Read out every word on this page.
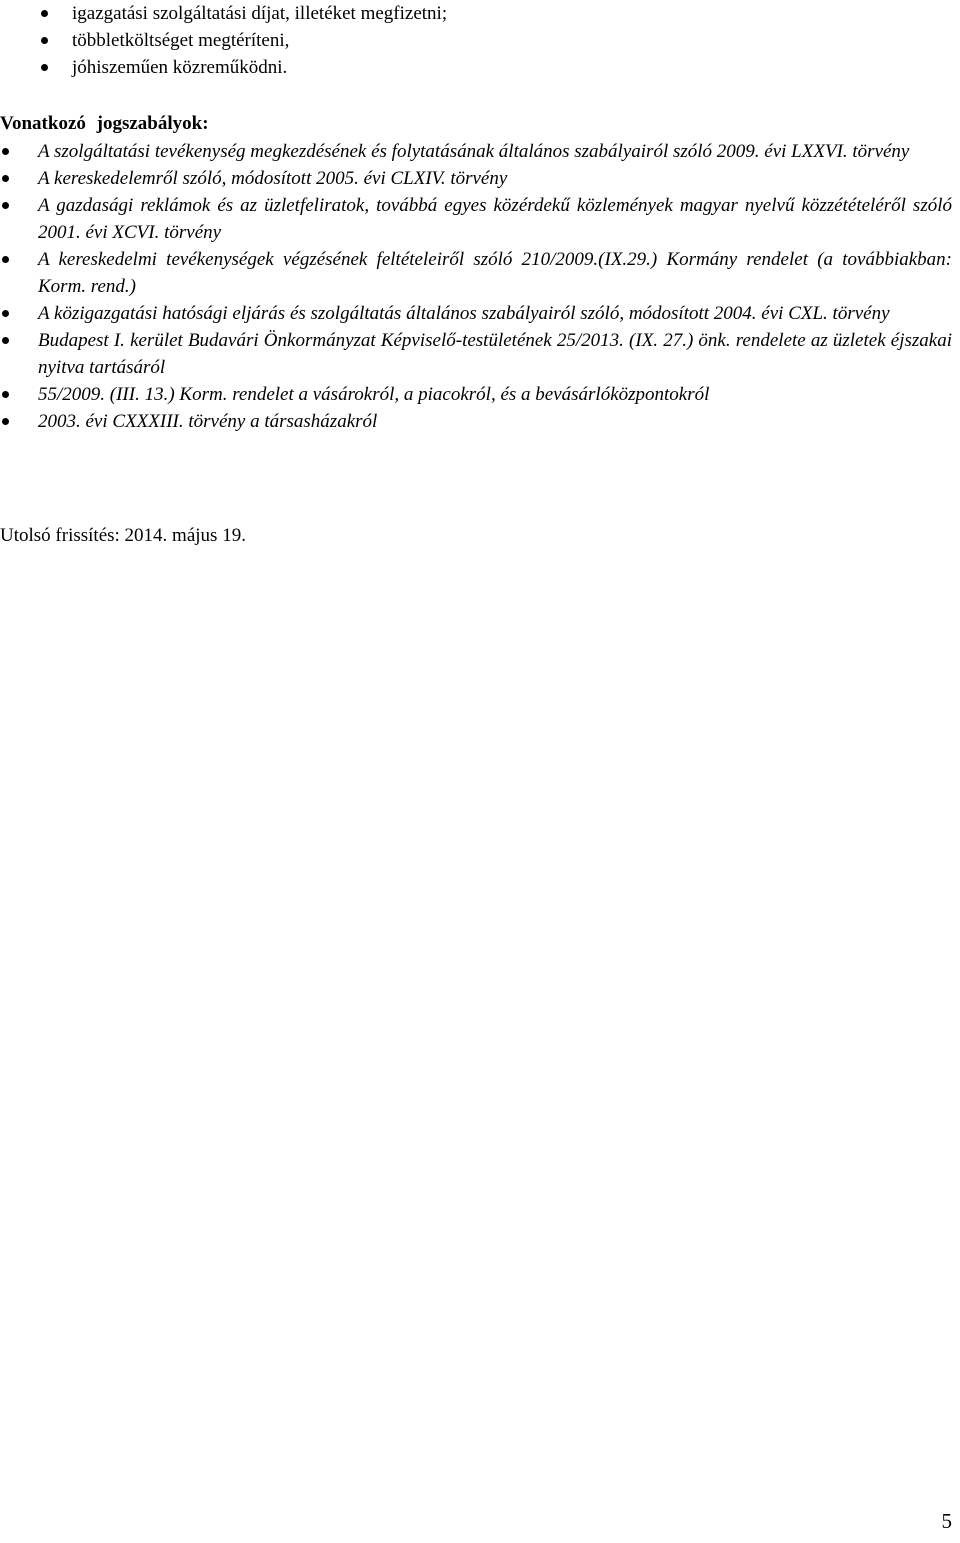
igazgatási szolgáltatási díjat, illetéket megfizetni;
többletköltséget megtéríteni,
jóhiszeműen közreműködni.
Vonatkozó jogszabályok:
A szolgáltatási tevékenység megkezdésének és folytatásának általános szabályairól szóló 2009. évi LXXVI. törvény
A kereskedelemről szóló, módosított 2005. évi CLXIV. törvény
A gazdasági reklámok és az üzletfeliratok, továbbá egyes közérdekű közlemények magyar nyelvű közzétételéről szóló 2001. évi XCVI. törvény
A kereskedelmi tevékenységek végzésének feltételeiről szóló 210/2009.(IX.29.) Kormány rendelet (a továbbiakban: Korm. rend.)
A közigazgatási hatósági eljárás és szolgáltatás általános szabályairól szóló, módosított 2004. évi CXL. törvény
Budapest I. kerület Budavári Önkormányzat Képviselő-testületének 25/2013. (IX. 27.) önk. rendelete az üzletek éjszakai nyitva tartásáról
55/2009. (III. 13.) Korm. rendelet a vásárokról, a piacokról, és a bevásárlóközpontokról
2003. évi CXXXIII. törvény a társasházakról
Utolsó frissítés: 2014. május 19.
5
